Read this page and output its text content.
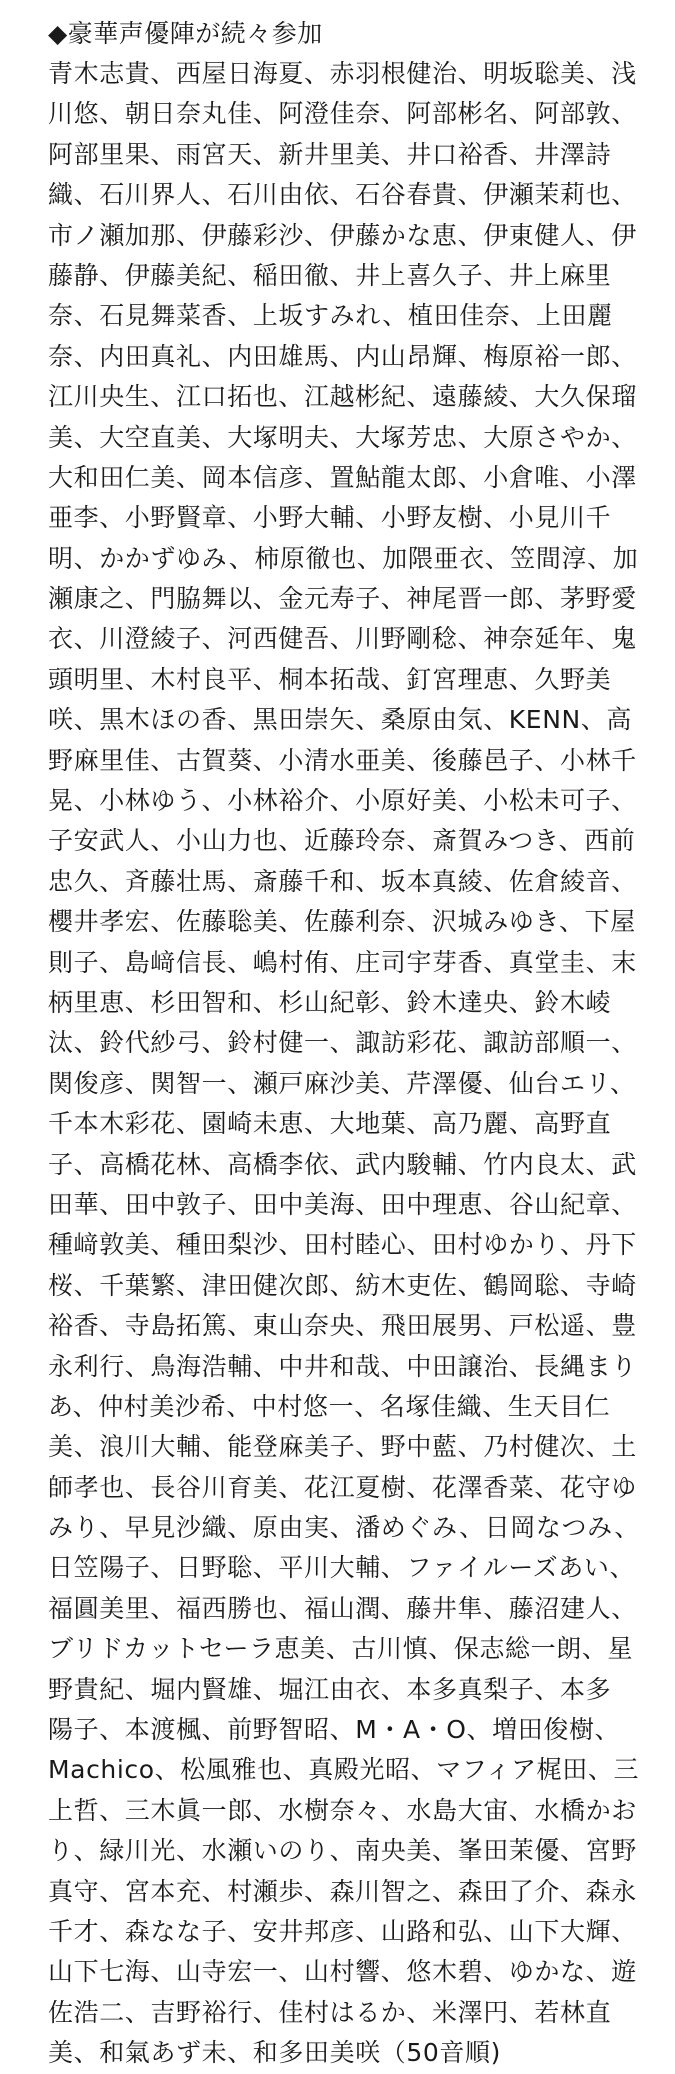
◆豪華声優陣が続々参加
青木志貴、西屋日海夏、赤羽根健治、明坂聡美、浅
川悠、朝日奈丸佳、阿澄佳奈、阿部彬名、阿部敦、
阿部里果、雨宮天、新井里美、井口裕香、井澤詩
織、石川界人、石川由依、石谷春貴、伊瀬茉莉也、
市ノ瀬加那、伊藤彩沙、伊藤かな恵、伊東健人、伊
藤静、伊藤美紀、稲田徹、井上喜久子、井上麻里
奈、石見舞菜香、上坂すみれ、植田佳奈、上田麗
奈、内田真礼、内田雄馬、内山昂輝、梅原裕一郎、
江川央生、江口拓也、江越彬紀、遠藤綾、大久保瑠
美、大空直美、大塚明夫、大塚芳忠、大原さやか、
大和田仁美、岡本信彦、置鮎龍太郎、小倉唯、小澤
亜李、小野賢章、小野大輔、小野友樹、小見川千
明、かかずゆみ、柿原徹也、加隈亜衣、笠間淳、加
瀬康之、門脇舞以、金元寿子、神尾晋一郎、茅野愛
衣、川澄綾子、河西健吾、川野剛稔、神奈延年、鬼
頭明里、木村良平、桐本拓哉、釘宮理恵、久野美
咲、黒木ほの香、黒田崇矢、桑原由気、KENN、高
野麻里佳、古賀葵、小清水亜美、後藤邑子、小林千
晃、小林ゆう、小林裕介、小原好美、小松未可子、
子安武人、小山力也、近藤玲奈、斎賀みつき、西前
忠久、斉藤壮馬、斎藤千和、坂本真綾、佐倉綾音、
櫻井孝宏、佐藤聡美、佐藤利奈、沢城みゆき、下屋
則子、島﨑信長、嶋村侑、庄司宇芽香、真堂圭、末
柄里恵、杉田智和、杉山紀彰、鈴木達央、鈴木崚
汰、鈴代紗弓、鈴村健一、諏訪彩花、諏訪部順一、
関俊彦、関智一、瀬戸麻沙美、芹澤優、仙台エリ、
千本木彩花、園崎未恵、大地葉、高乃麗、高野直
子、高橋花林、高橋李依、武内駿輔、竹内良太、武
田華、田中敦子、田中美海、田中理恵、谷山紀章、
種﨑敦美、種田梨沙、田村睦心、田村ゆかり、丹下
桜、千葉繁、津田健次郎、紡木吏佐、鶴岡聡、寺崎
裕香、寺島拓篤、東山奈央、飛田展男、戸松遥、豊
永利行、鳥海浩輔、中井和哉、中田譲治、長縄まり
あ、仲村美沙希、中村悠一、名塚佳織、生天目仁
美、浪川大輔、能登麻美子、野中藍、乃村健次、土
師孝也、長谷川育美、花江夏樹、花澤香菜、花守ゆ
みり、早見沙織、原由実、潘めぐみ、日岡なつみ、
日笠陽子、日野聡、平川大輔、ファイルーズあい、
福圓美里、福西勝也、福山潤、藤井隼、藤沼建人、
ブリドカットセーラ恵美、古川慎、保志総一朗、星
野貴紀、堀内賢雄、堀江由衣、本多真梨子、本多
陽子、本渡楓、前野智昭、M・A・O、増田俊樹、
Machico、松風雅也、真殿光昭、マフィア梶田、三
上哲、三木眞一郎、水樹奈々、水島大宙、水橋かお
り、緑川光、水瀬いのり、南央美、峯田茉優、宮野
真守、宮本充、村瀬歩、森川智之、森田了介、森永
千才、森なな子、安井邦彦、山路和弘、山下大輝、
山下七海、山寺宏一、山村響、悠木碧、ゆかな、遊
佐浩二、吉野裕行、佳村はるか、米澤円、若林直
美、和氣あず未、和多田美咲（50音順)
